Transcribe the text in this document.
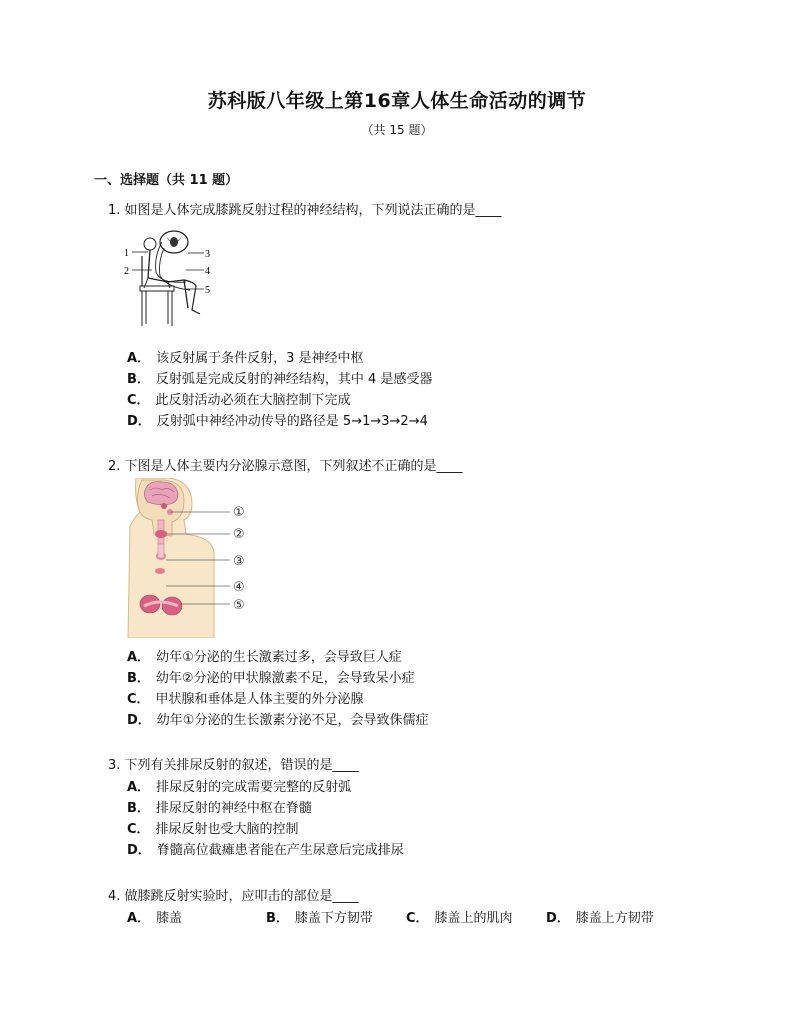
苏科版八年级上第16章人体生命活动的调节
（共 15 题）
一、选择题（共 11 题）
1. 如图是人体完成膝跳反射过程的神经结构，下列说法正确的是____
1
2
3
4
5
A． 该反射属于条件反射，3 是神经中枢
B． 反射弧是完成反射的神经结构，其中 4 是感受器
C． 此反射活动必须在大脑控制下完成
D． 反射弧中神经冲动传导的路径是 5→1→3→2→4
2. 下图是人体主要内分泌腺示意图，下列叙述不正确的是____
①
②
③
④
⑤
A． 幼年①分泌的生长激素过多，会导致巨人症
B． 幼年②分泌的甲状腺激素不足，会导致呆小症
C． 甲状腺和垂体是人体主要的外分泌腺
D． 幼年①分泌的生长激素分泌不足，会导致侏儒症
3. 下列有关排尿反射的叙述，错误的是____
A． 排尿反射的完成需要完整的反射弧
B． 排尿反射的神经中枢在脊髓
C． 排尿反射也受大脑的控制
D． 脊髓高位截瘫患者能在产生尿意后完成排尿
4. 做膝跳反射实验时，应叩击的部位是____
A． 膝盖	B． 膝盖下方韧带	C． 膝盖上的肌肉	D． 膝盖上方韧带
